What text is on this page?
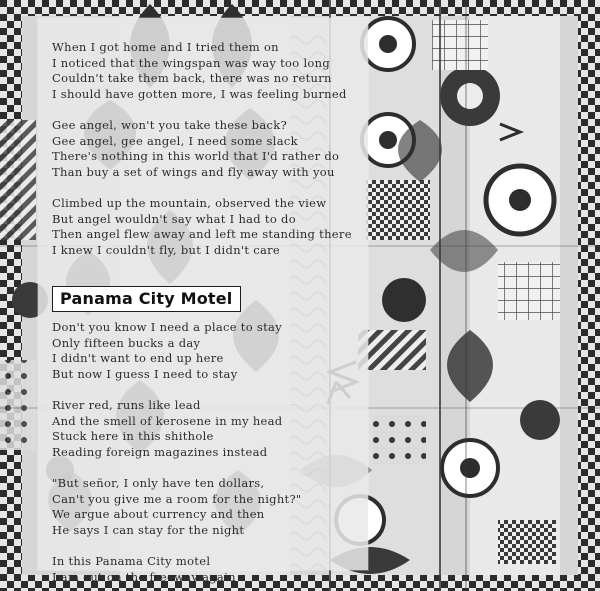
When I got home and I tried them on
I noticed that the wingspan was way too long
Couldn't take them back, there was no return
I should have gotten more, I was feeling burned
Gee angel, won't you take these back?
Gee angel, gee angel, I need some slack
There's nothing in this world that I'd rather do
Than buy a set of wings and fly away with you
Climbed up the mountain, observed the view
But angel wouldn't say what I had to do
Then angel flew away and left me standing there
I knew I couldn't fly, but I didn't care
Panama City Motel
Don't you know I need a place to stay
Only fifteen bucks a day
I didn't want to end up here
But now I guess I need to stay
River red, runs like lead
And the smell of kerosene in my head
Stuck here in this shithole
Reading foreign magazines instead
"But señor, I only have ten dollars,
Can't you give me a room for the night?"
We argue about currency and then
He says I can stay for the night
In this Panama City motel
I am out on the freeway again
